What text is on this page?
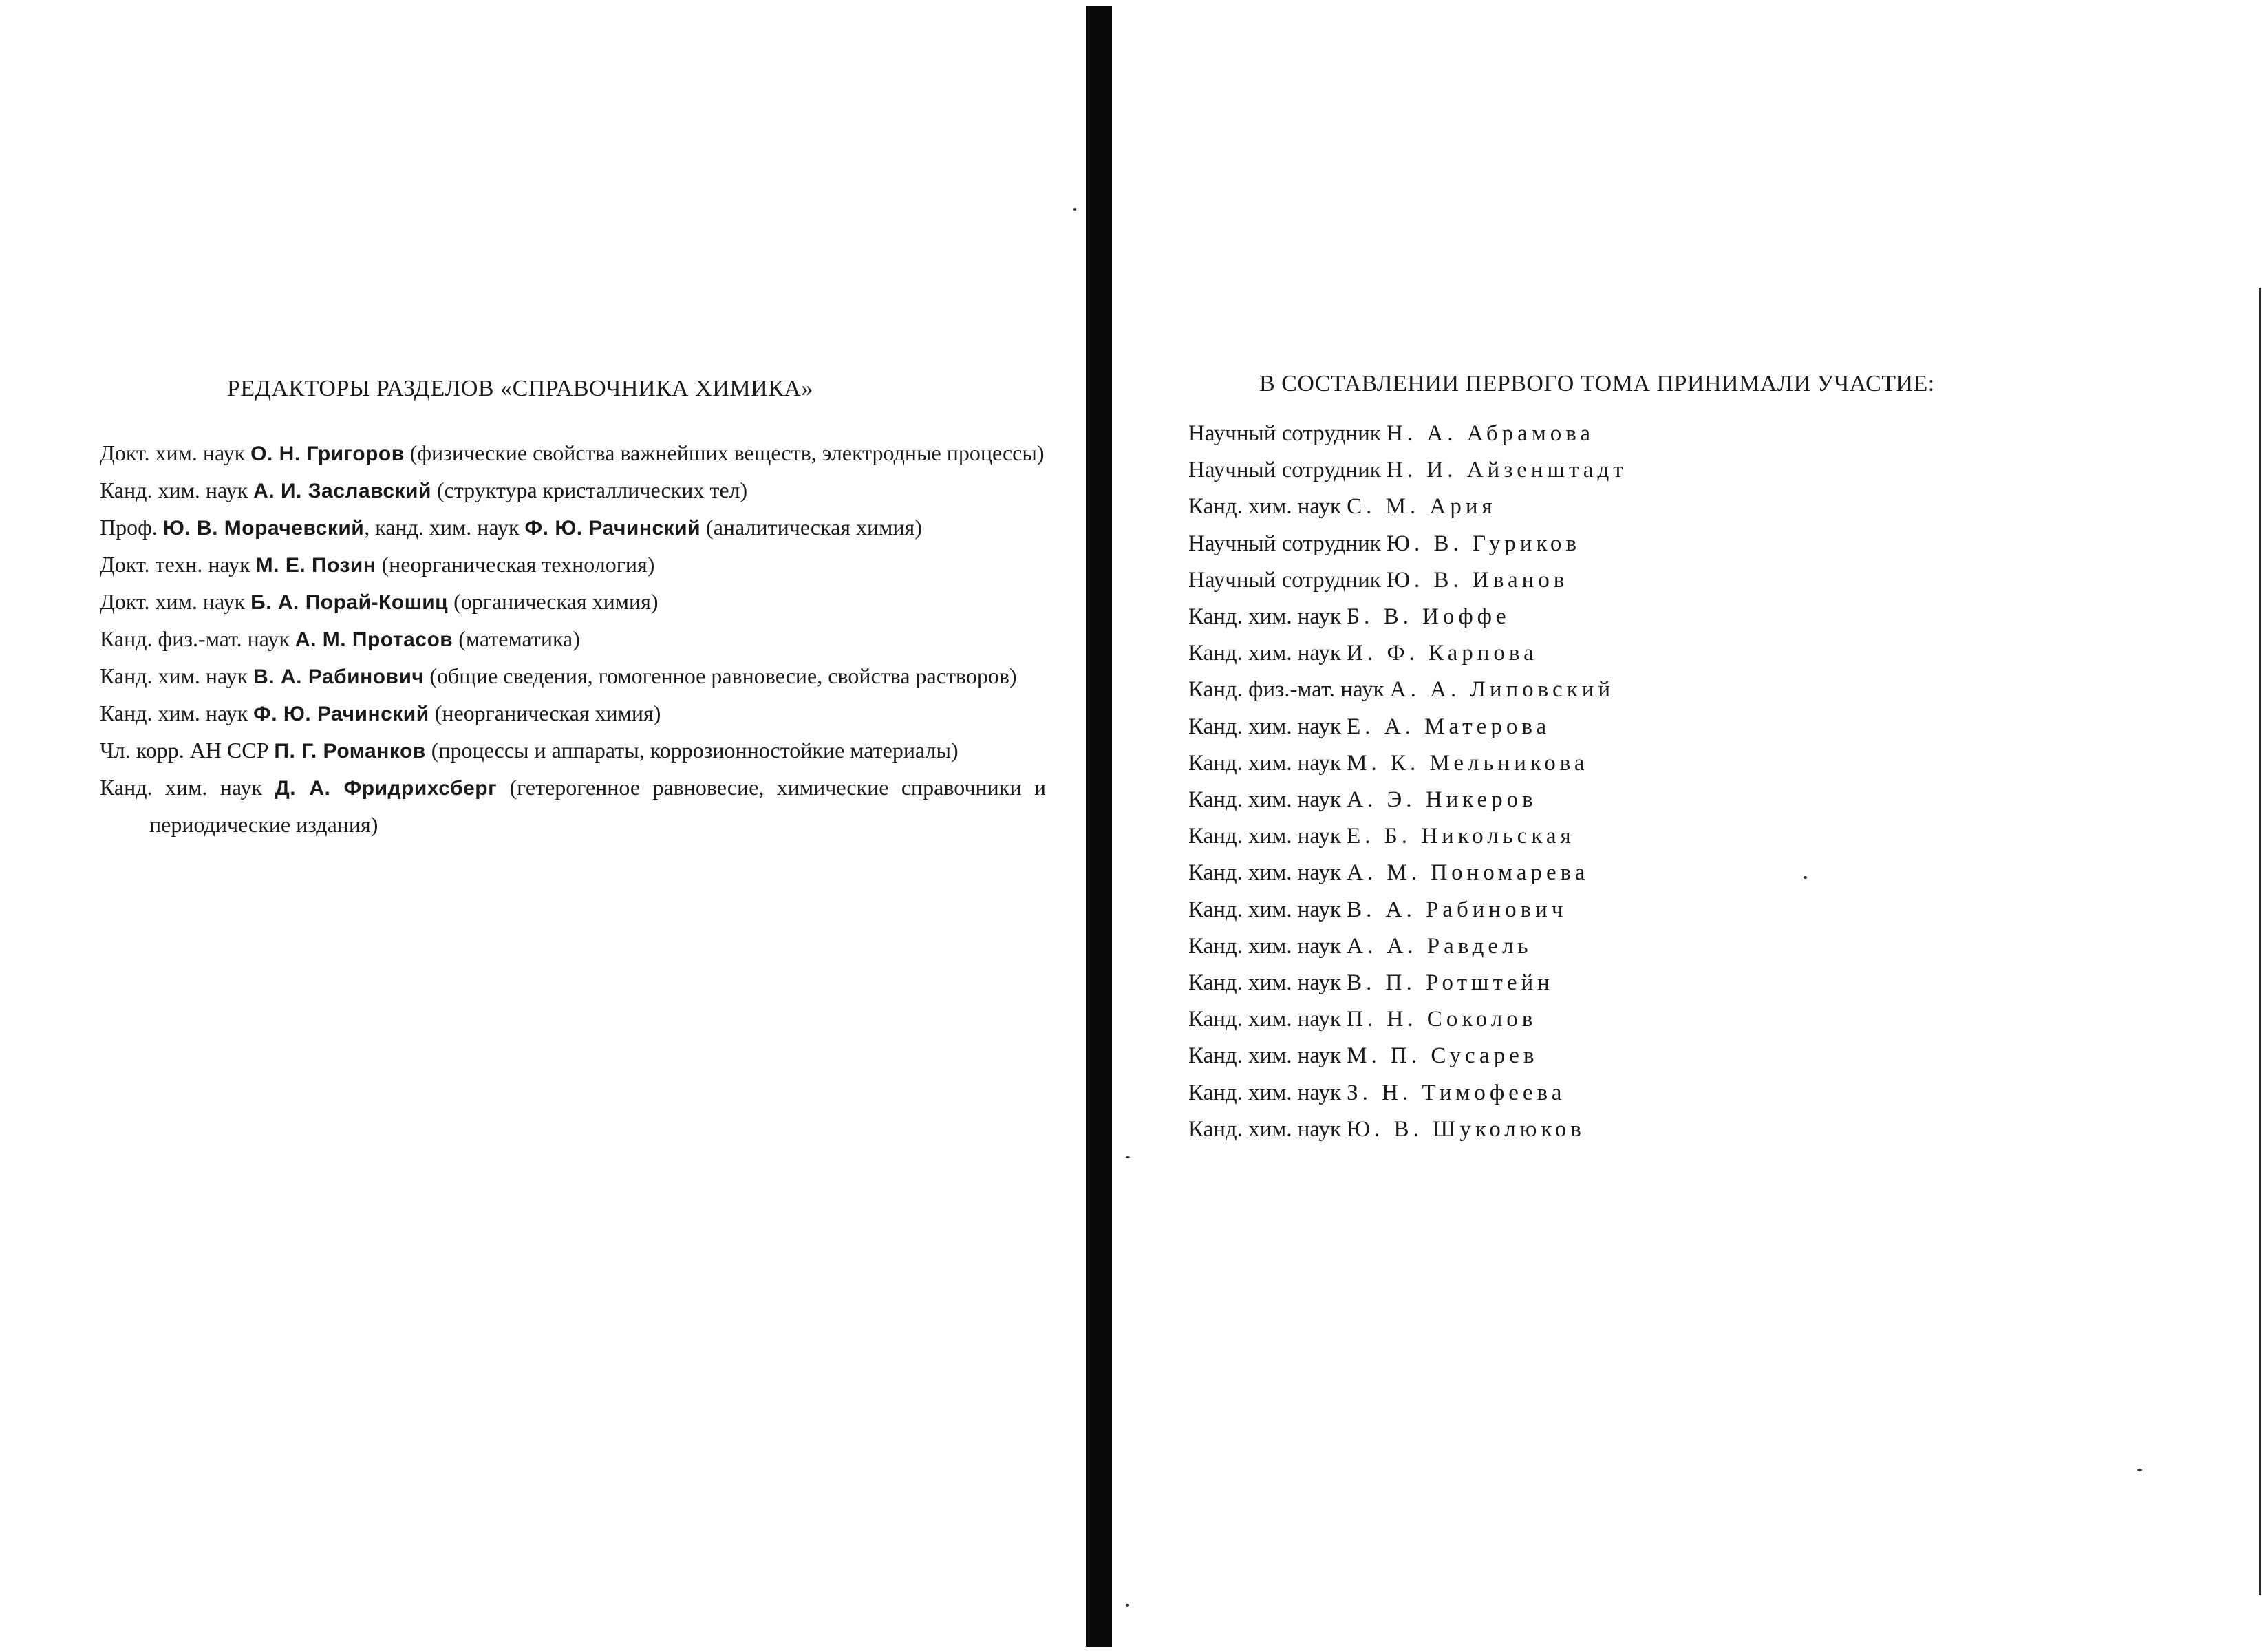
РЕДАКТОРЫ РАЗДЕЛОВ «СПРАВОЧНИКА ХИМИКА»
Докт. хим. наук О. Н. Григоров (физические свойства важнейших веществ, электродные процессы)
Канд. хим. наук А. И. Заславский (структура кристаллических тел)
Проф. Ю. В. Морачевский, канд. хим. наук Ф. Ю. Рачинский (аналитическая химия)
Докт. техн. наук М. Е. Позин (неорганическая технология)
Докт. хим. наук Б. А. Порай-Кошиц (органическая химия)
Канд. физ.-мат. наук А. М. Протасов (математика)
Канд. хим. наук В. А. Рабинович (общие сведения, гомогенное равновесие, свойства растворов)
Канд. хим. наук Ф. Ю. Рачинский (неорганическая химия)
Чл. корр. АН ССР П. Г. Романков (процессы и аппараты, коррозионностойкие материалы)
Канд. хим. наук Д. А. Фридрихсберг (гетерогенное равновесие, химические справочники и периодические издания)
В СОСТАВЛЕНИИ ПЕРВОГО ТОМА ПРИНИМАЛИ УЧАСТИЕ:
Научный сотрудник Н. А. Абрамова
Научный сотрудник Н. И. Айзенштадт
Канд. хим. наук С. М. Ария
Научный сотрудник Ю. В. Гуриков
Научный сотрудник Ю. В. Иванов
Канд. хим. наук Б. В. Иоффе
Канд. хим. наук И. Ф. Карпова
Канд. физ.-мат. наук А. А. Липовский
Канд. хим. наук Е. А. Матерова
Канд. хим. наук М. К. Мельникова
Канд. хим. наук А. Э. Никеров
Канд. хим. наук Е. Б. Никольская
Канд. хим. наук А. М. Пономарева
Канд. хим. наук В. А. Рабинович
Канд. хим. наук А. А. Равдель
Канд. хим. наук В. П. Ротштейн
Канд. хим. наук П. Н. Соколов
Канд. хим. наук М. П. Сусарев
Канд. хим. наук З. Н. Тимофеева
Канд. хим. наук Ю. В. Шуколюков
